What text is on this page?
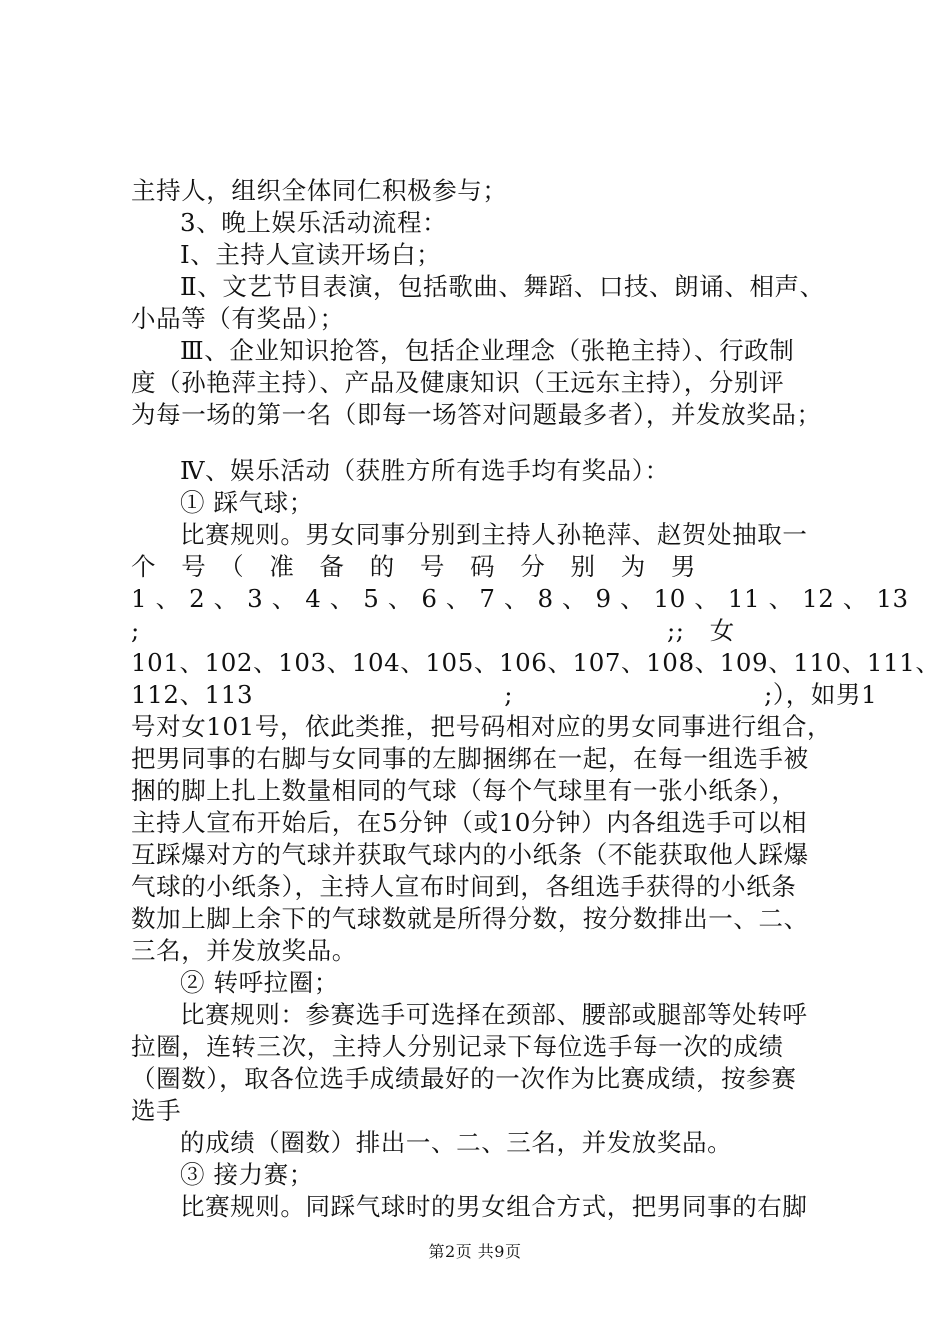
主持人，组织全体同仁积极参与；
3、晚上娱乐活动流程：
Ⅰ、主持人宣读开场白；
Ⅱ、文艺节目表演，包括歌曲、舞蹈、口技、朗诵、相声、
小品等（有奖品）；
Ⅲ、企业知识抢答，包括企业理念（张艳主持）、行政制
度（孙艳萍主持）、产品及健康知识（王远东主持），分别评
为每一场的第一名（即每一场答对问题最多者），并发放奖品；
Ⅳ、娱乐活动（获胜方所有选手均有奖品）：
① 踩气球；
比赛规则。男女同事分别到主持人孙艳萍、赵贺处抽取一
个　号　（　准　备　的　号　码　分　别　为　男
1 、 2 、 3 、 4 、 5 、 6 、 7 、 8 、 9 、 10 、 11 、 12 、 13
;　　　　　　　　　　　　　　　　　　　　　;;　女
101、102、103、104、105、106、107、108、109、110、111、
112、113　　　　　　　　　　;　　　　　　　　　　;），如男1
号对女101号，依此类推，把号码相对应的男女同事进行组合，
把男同事的右脚与女同事的左脚捆绑在一起，在每一组选手被
捆的脚上扎上数量相同的气球（每个气球里有一张小纸条），
主持人宣布开始后，在5分钟（或10分钟）内各组选手可以相
互踩爆对方的气球并获取气球内的小纸条（不能获取他人踩爆
气球的小纸条），主持人宣布时间到，各组选手获得的小纸条
数加上脚上余下的气球数就是所得分数，按分数排出一、二、
三名，并发放奖品。
② 转呼拉圈；
比赛规则：参赛选手可选择在颈部、腰部或腿部等处转呼
拉圈，连转三次，主持人分别记录下每位选手每一次的成绩
（圈数），取各位选手成绩最好的一次作为比赛成绩，按参赛
选手
的成绩（圈数）排出一、二、三名，并发放奖品。
③ 接力赛；
比赛规则。同踩气球时的男女组合方式，把男同事的右脚
第2页 共9页
